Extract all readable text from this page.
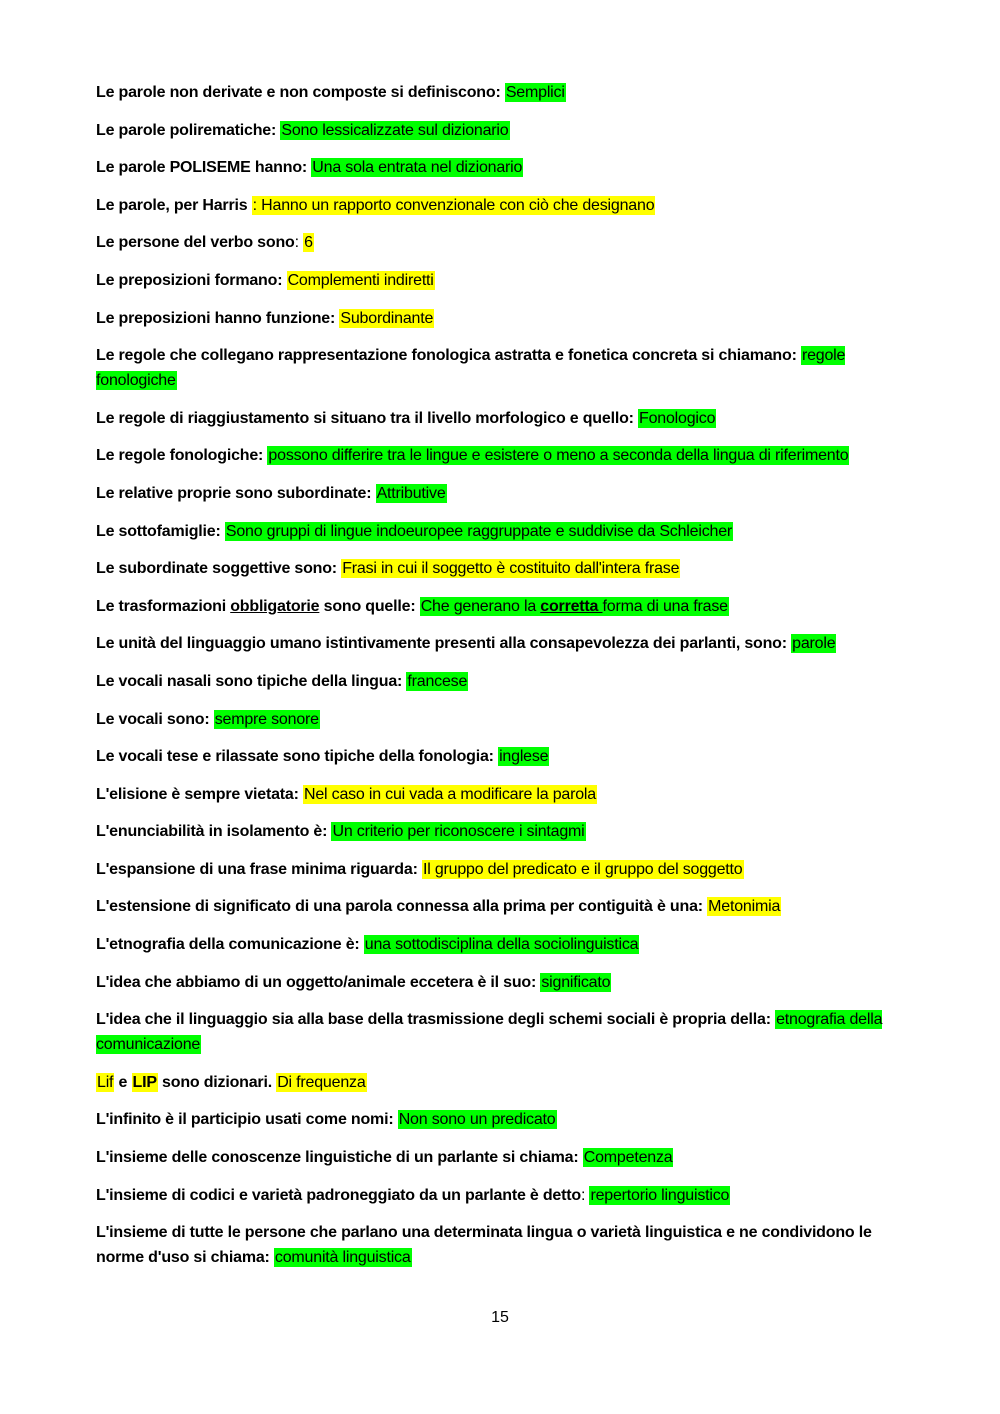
Le parole non derivate e non composte si definiscono: Semplici

Le parole polirematiche: Sono lessicalizzate sul dizionario

Le parole POLISEME hanno: Una sola entrata nel dizionario

Le parole, per Harris : Hanno un rapporto convenzionale con ciò che designano

Le persone del verbo sono: 6

Le preposizioni formano: Complementi indiretti

Le preposizioni hanno funzione: Subordinante

Le regole che collegano rappresentazione fonologica astratta e fonetica concreta si chiamano: regole fonologiche

Le regole di riaggiustamento si situano tra il livello morfologico e quello: Fonologico

Le regole fonologiche: possono differire tra le lingue e esistere o meno a seconda della lingua di riferimento

Le relative proprie sono subordinate: Attributive

Le sottofamiglie: Sono gruppi di lingue indoeuropee raggruppate e suddivise da Schleicher

Le subordinate soggettive sono: Frasi in cui il soggetto è costituito dall'intera frase

Le trasformazioni obbligatorie sono quelle: Che generano la corretta forma di una frase

Le unità del linguaggio umano istintivamente presenti alla consapevolezza dei parlanti, sono: parole

Le vocali nasali sono tipiche della lingua: francese

Le vocali sono: sempre sonore

Le vocali tese e rilassate sono tipiche della fonologia: inglese

L'elisione è sempre vietata: Nel caso in cui vada a modificare la parola

L'enunciabilità in isolamento è: Un criterio per riconoscere i sintagmi

L'espansione di una frase minima riguarda: Il gruppo del predicato e il gruppo del soggetto

L'estensione di significato di una parola connessa alla prima per contiguità è una: Metonimia

L'etnografia della comunicazione è: una sottodisciplina della sociolinguistica

L'idea che abbiamo di un oggetto/animale eccetera è il suo: significato

L'idea che il linguaggio sia alla base della trasmissione degli schemi sociali è propria della: etnografia della comunicazione

Lif e LIP sono dizionari. Di frequenza

L'infinito è il participio usati come nomi: Non sono un predicato

L'insieme delle conoscenze linguistiche di un parlante si chiama: Competenza

L'insieme di codici e varietà padroneggiato da un parlante è detto: repertorio linguistico

L'insieme di tutte le persone che parlano una determinata lingua o varietà linguistica e ne condividono le norme d'uso si chiama: comunità linguistica

15
